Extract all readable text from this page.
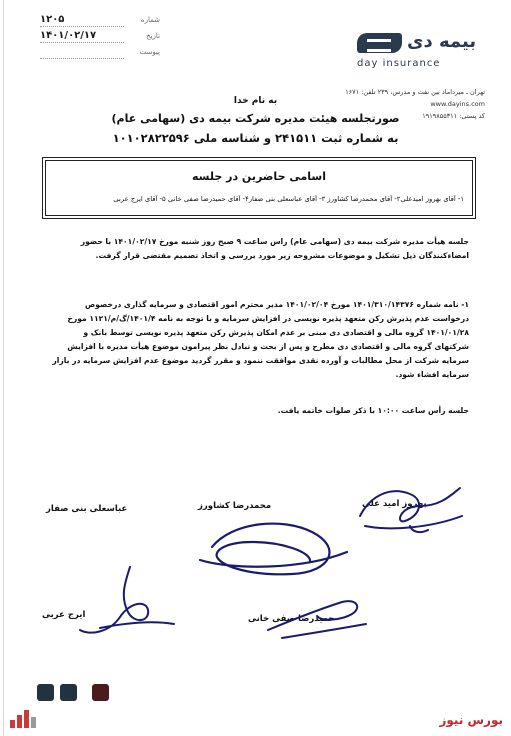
۱۲۰۵	شماره
۱۴۰۱/۰۲/۱۷	تاریخ
پیوست	بیمه دی
day insurance
تهران ـ میرداماد بین نفت و مدرس، ۲۳۹ تلفن: ۱۶۷۱
www.dayins.com
کد پستی: ۱۹۱۹۸۵۵۳۱۱
به نام خدا
صورتجلسه هیئت مدیره شرکت بیمه دی (سهامی عام)
به شماره ثبت ۲۴۱۵۱۱ و شناسه ملی ۱۰۱۰۲۸۲۲۵۹۶
اسامی حاضرین در جلسه
۱- آقای بهروز امیدعلی۲- آقای محمدرضا کشاورز ۳- آقای عباسعلی بنی صفار۴- آقای حمیدرضا صفی خانی ۵- آقای ایرج عربی
جلسه هیأت مدیره شرکت بیمه دی (سهامی عام) راس ساعت ۹ صبح روز شنبه مورخ ۱۴۰۱/۰۲/۱۷ با حضور
امضاءکنندگان ذیل تشکیل و موضوعات مشروحه زیر مورد بررسی و اتخاذ تصمیم مقتضی قرار گرفت.
۱- نامه شماره ۱۴۰۱/۳۱۰/۱۴۳۷۶ مورخ ۱۴۰۱/۰۲/۰۴ مدیر محترم امور اقتصادی و سرمایه گذاری درخصوص
درخواست عدم پذیرش رکن متعهد پذیره نویسی در افزایش سرمایه و با توجه به نامه ۱۴۰۱/۴/گ/م/۱۱۲۱ مورخ
۱۴۰۱/۰۱/۲۸ گروه مالی و اقتصادی دی مبنی بر عدم امکان پذیرش رکن متعهد پذیره نویسی توسط بانک و
شرکتهای گروه مالی و اقتصادی دی مطرح و پس از بحث و تبادل نظر پیرامون موضوع هیأت مدیره با افزایش
سرمایه شرکت از محل مطالبات و آورده نقدی موافقت ننمود و مقرر گردید موضوع عدم افزایش سرمایه در بازار
سرمایه افشاء شود.
جلسه رأس ساعت ۱۰:۰۰ با ذکر صلوات خاتمه یافت.
عباسعلی بنی صفار	محمدرضا کشاورز	بهروز امید علی
ایرج عربی	حمیدرضا صفی خانی
بورس نیوز
